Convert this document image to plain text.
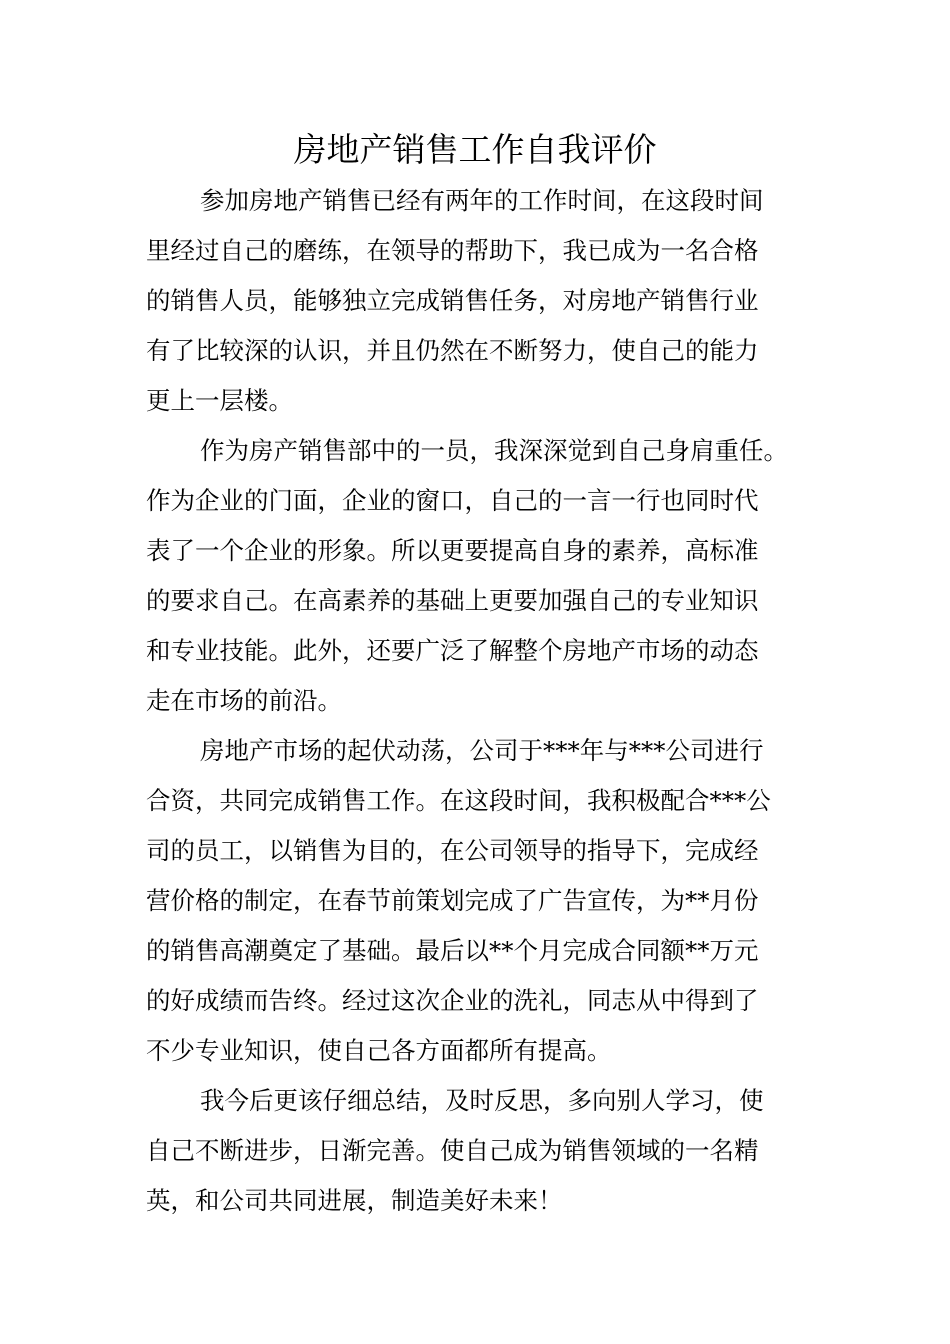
房地产销售工作自我评价

参加房地产销售已经有两年的工作时间，在这段时间
里经过自己的磨练，在领导的帮助下，我已成为一名合格
的销售人员，能够独立完成销售任务，对房地产销售行业
有了比较深的认识，并且仍然在不断努力，使自己的能力
更上一层楼。

作为房产销售部中的一员，我深深觉到自己身肩重任。
作为企业的门面，企业的窗口，自己的一言一行也同时代
表了一个企业的形象。所以更要提高自身的素养，高标准
的要求自己。在高素养的基础上更要加强自己的专业知识
和专业技能。此外，还要广泛了解整个房地产市场的动态
走在市场的前沿。

房地产市场的起伏动荡，公司于***年与***公司进行
合资，共同完成销售工作。在这段时间，我积极配合***公
司的员工，以销售为目的，在公司领导的指导下，完成经
营价格的制定，在春节前策划完成了广告宣传，为**月份
的销售高潮奠定了基础。最后以**个月完成合同额**万元
的好成绩而告终。经过这次企业的洗礼，同志从中得到了
不少专业知识，使自己各方面都所有提高。

我今后更该仔细总结，及时反思，多向别人学习，使
自己不断进步，日渐完善。使自己成为销售领域的一名精
英，和公司共同进展，制造美好未来！
